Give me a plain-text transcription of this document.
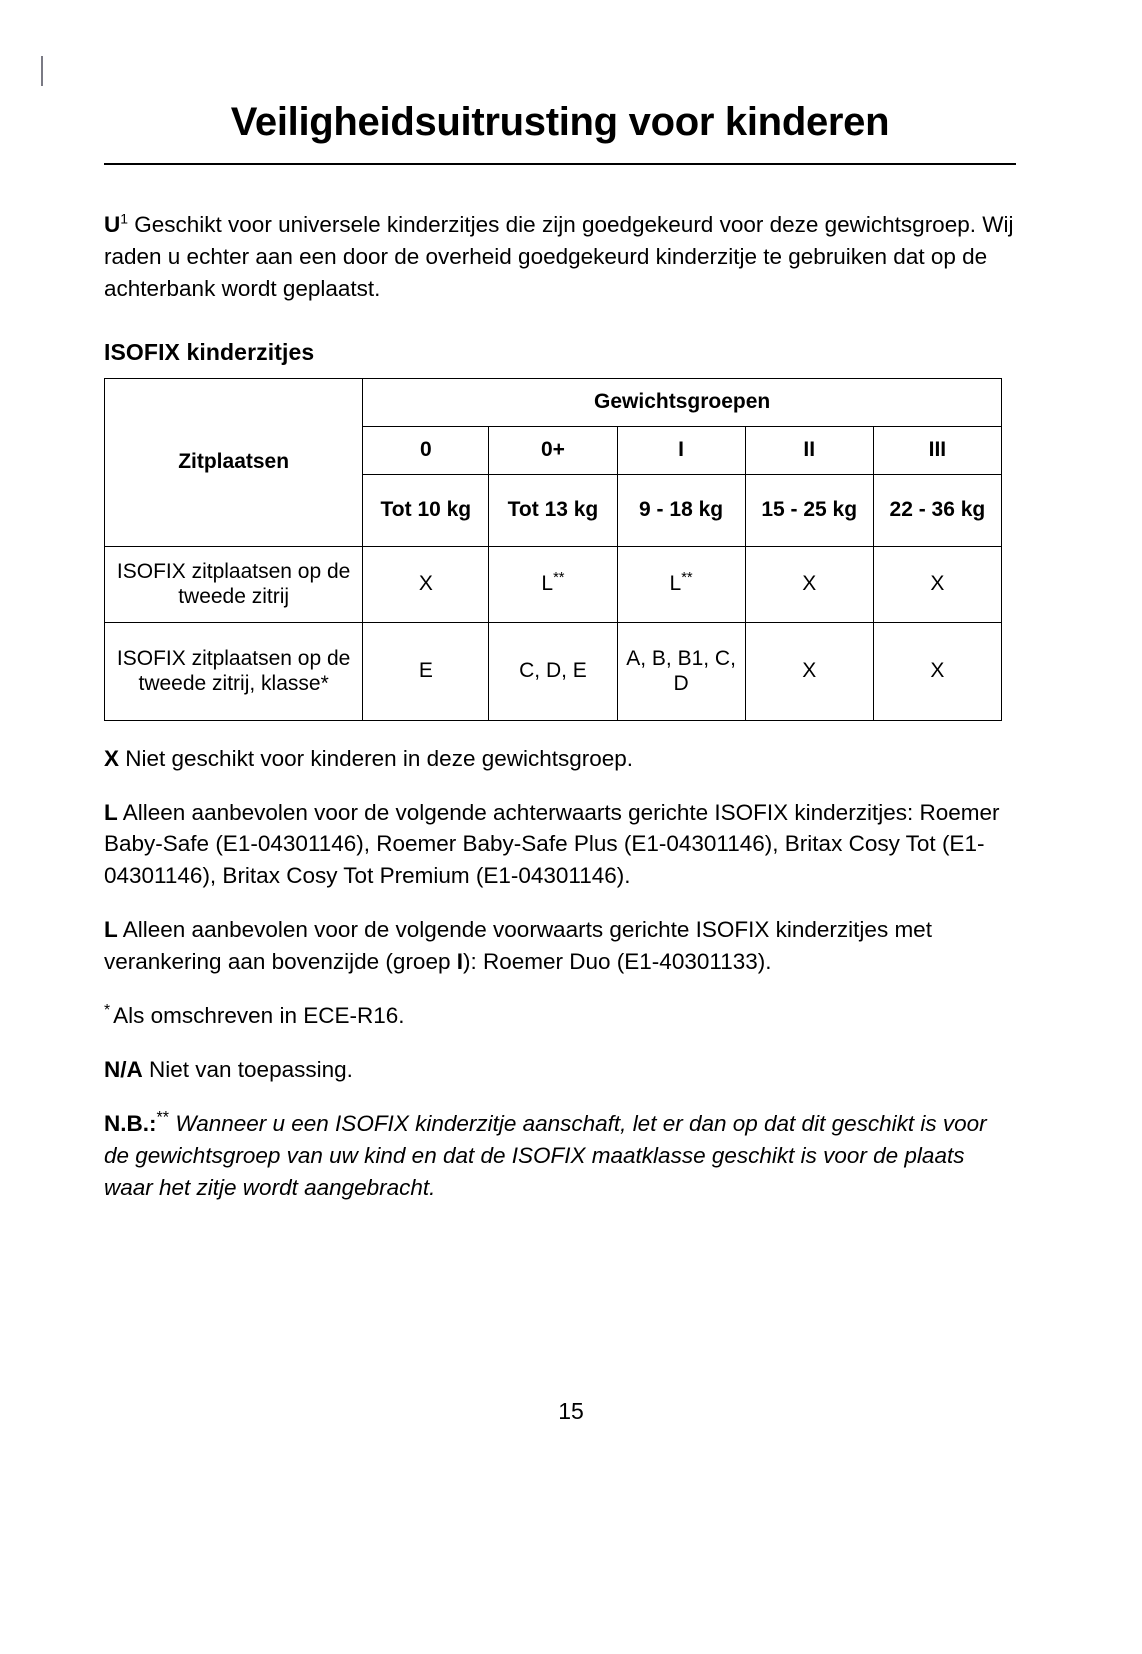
Veiligheidsuitrusting voor kinderen

$U^1$ Geschikt voor universele kinderzitjes die zijn goedgekeurd voor deze gewichtsgroep. Wij raden u echter aan een door de overheid goedgekeurd kinderzitje te gebruiken dat op de achterbank wordt geplaatst.

ISOFIX kinderzitjes
Zitplaatsen	Gewichtsgroepen				
	0	0+	I	II	III
	Tot 10 kg	Tot 13 kg	9 - 18 kg	15 - 25 kg	22 - 36 kg
ISOFIX zitplaatsen op de tweede zitrij	X	L**	L**	X	X
ISOFIX zitplaatsen op de tweede zitrij, klasse*	E	C, D, E	A, B, B1, C, D	X	X

X Niet geschikt voor kinderen in deze gewichtsgroep.

L Alleen aanbevolen voor de volgende achterwaarts gerichte ISOFIX kinderzitjes: Roemer Baby-Safe (E1-04301146), Roemer Baby-Safe Plus (E1-04301146), Britax Cosy Tot (E1-04301146), Britax Cosy Tot Premium (E1-04301146).

L Alleen aanbevolen voor de volgende voorwaarts gerichte ISOFIX kinderzitjes met verankering aan bovenzijde (groep I): Roemer Duo (E1-40301133).

* Als omschreven in ECE-R16.

N/A Niet van toepassing.

N.B.:** Wanneer u een ISOFIX kinderzitje aanschaft, let er dan op dat dit geschikt is voor de gewichtsgroep van uw kind en dat de ISOFIX maatklasse geschikt is voor de plaats waar het zitje wordt aangebracht.

15
